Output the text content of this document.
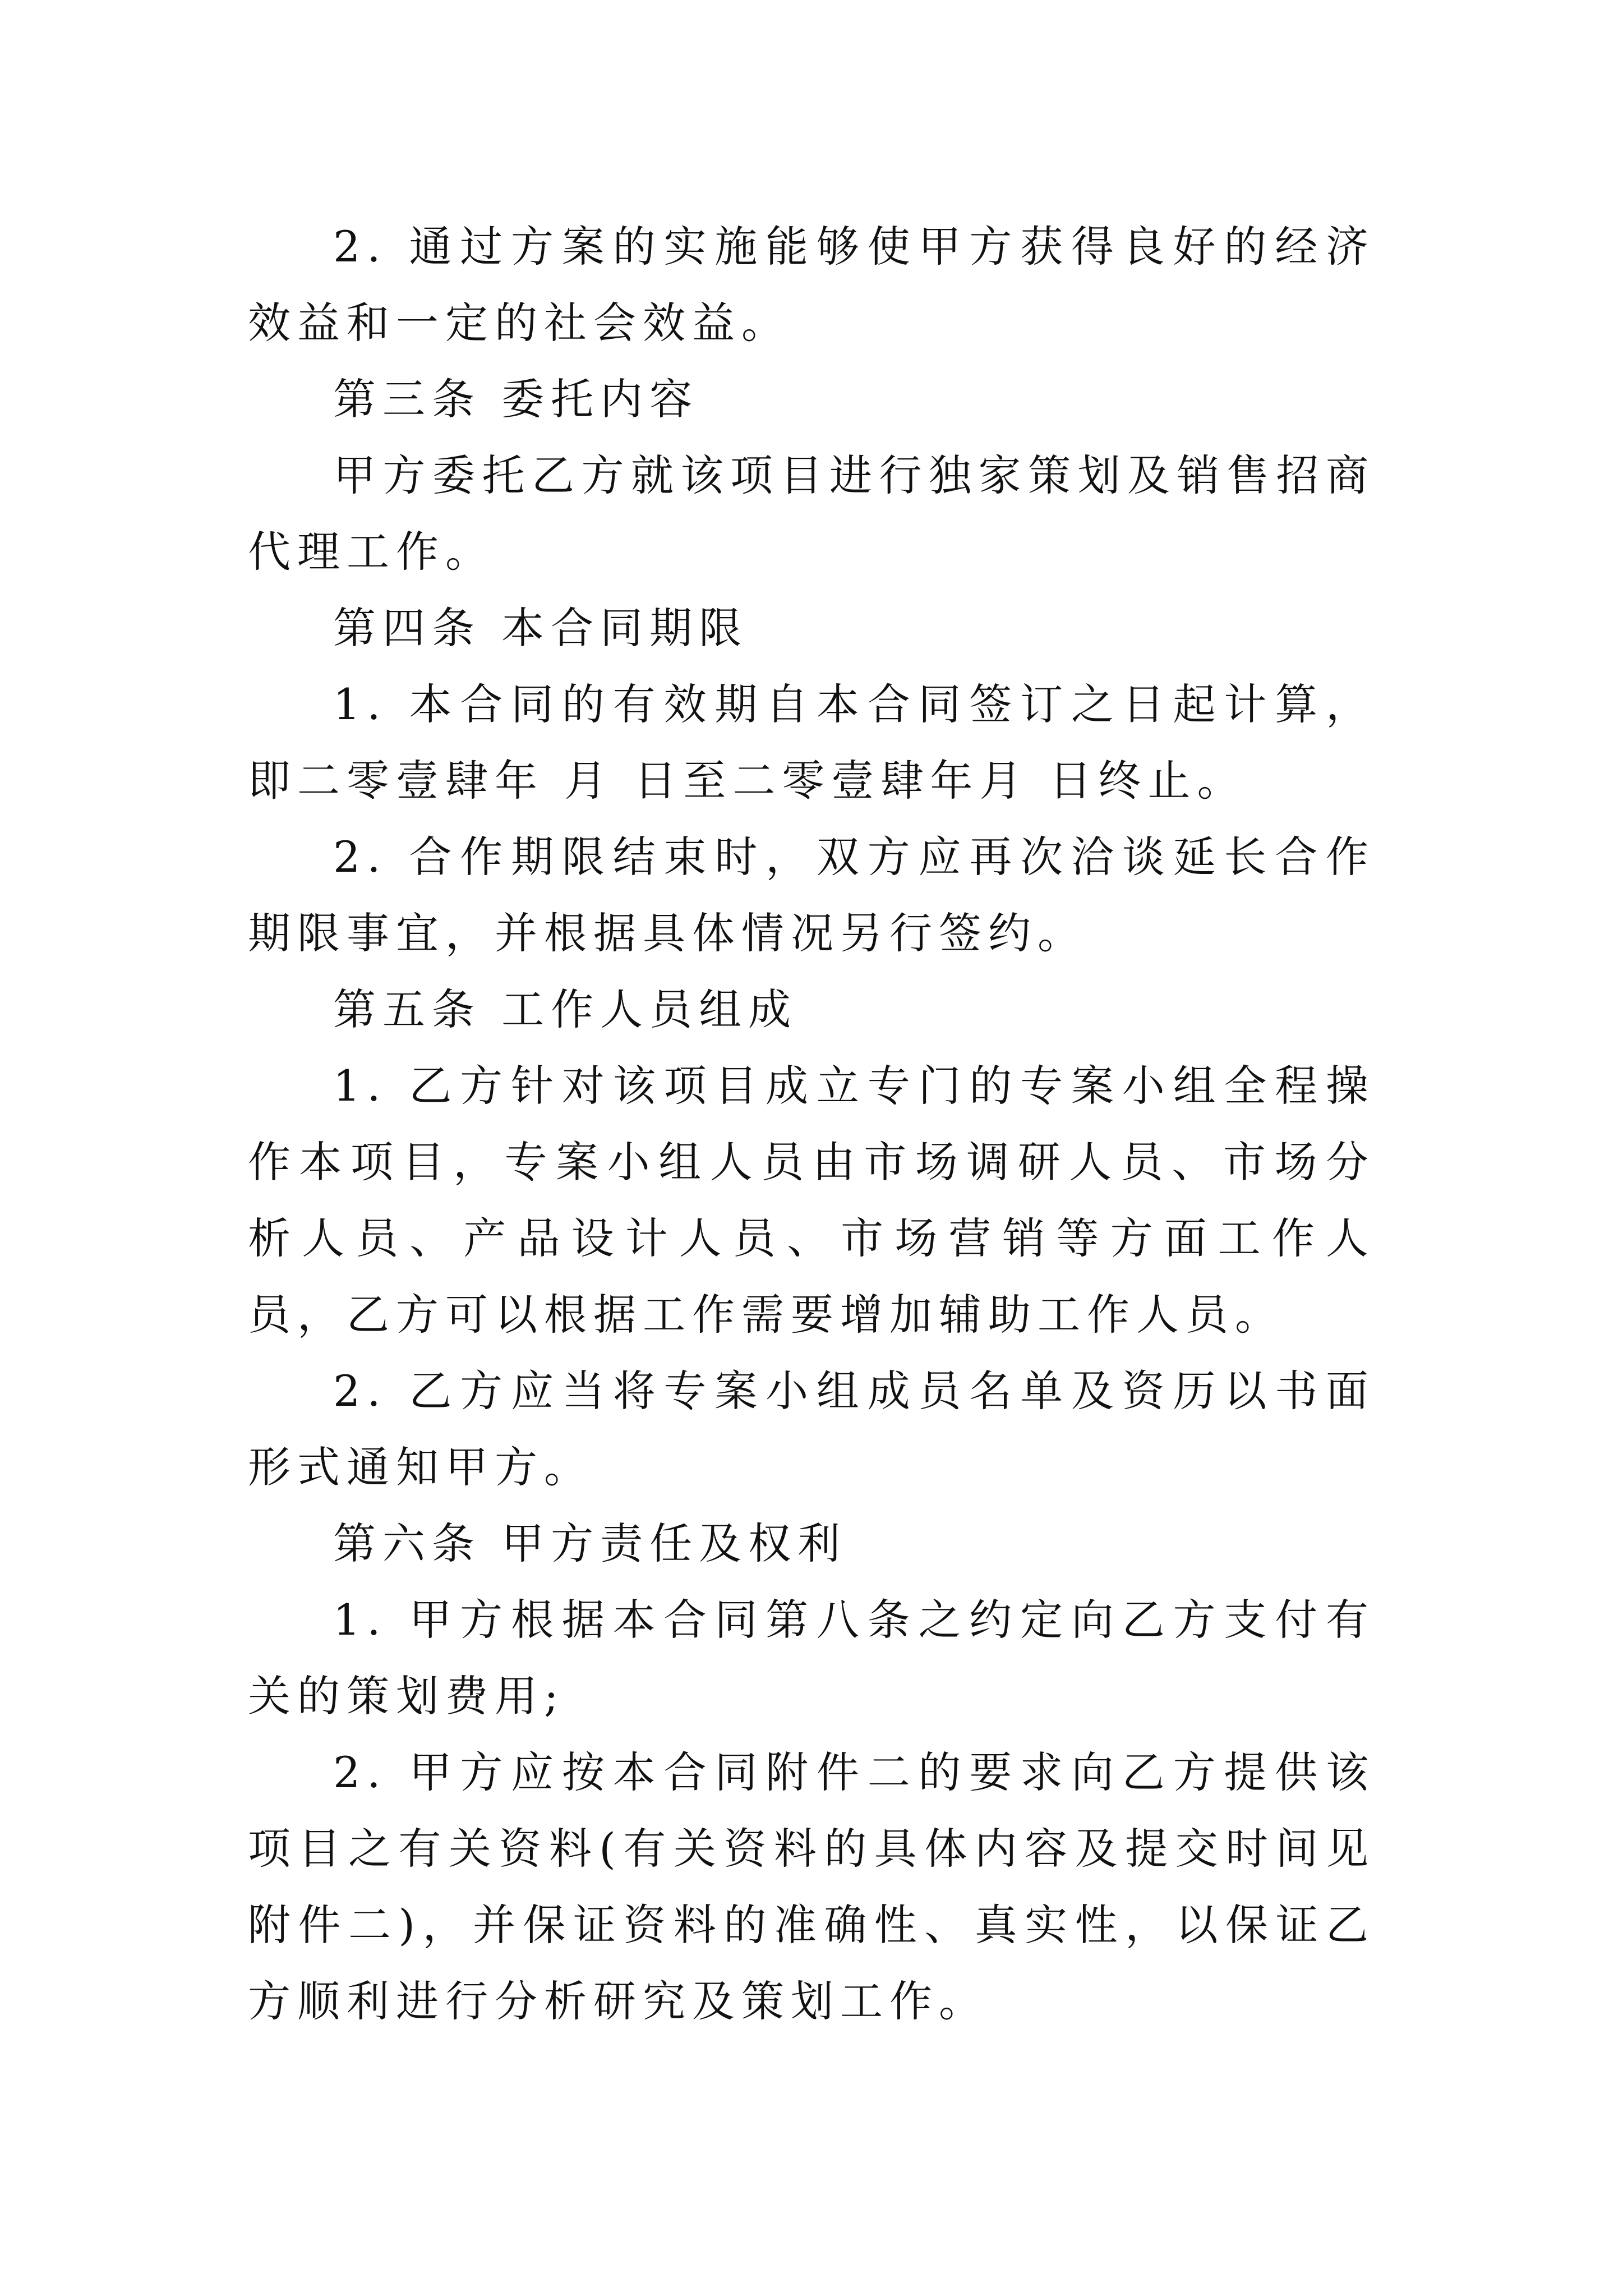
2. 通过方案的实施能够使甲方获得良好的经济效益和一定的社会效益。

第三条 委托内容

甲方委托乙方就该项目进行独家策划及销售招商代理工作。

第四条 本合同期限

1. 本合同的有效期自本合同签订之日起计算，即二零壹肆年 月 日至二零壹肆年月 日终止。

2. 合作期限结束时，双方应再次洽谈延长合作期限事宜，并根据具体情况另行签约。

第五条 工作人员组成

1. 乙方针对该项目成立专门的专案小组全程操作本项目，专案小组人员由市场调研人员、市场分析人员、产品设计人员、市场营销等方面工作人员，乙方可以根据工作需要增加辅助工作人员。

2. 乙方应当将专案小组成员名单及资历以书面形式通知甲方。

第六条 甲方责任及权利

1. 甲方根据本合同第八条之约定向乙方支付有关的策划费用;

2. 甲方应按本合同附件二的要求向乙方提供该项目之有关资料(有关资料的具体内容及提交时间见附件二)，并保证资料的准确性、真实性，以保证乙方顺利进行分析研究及策划工作。
